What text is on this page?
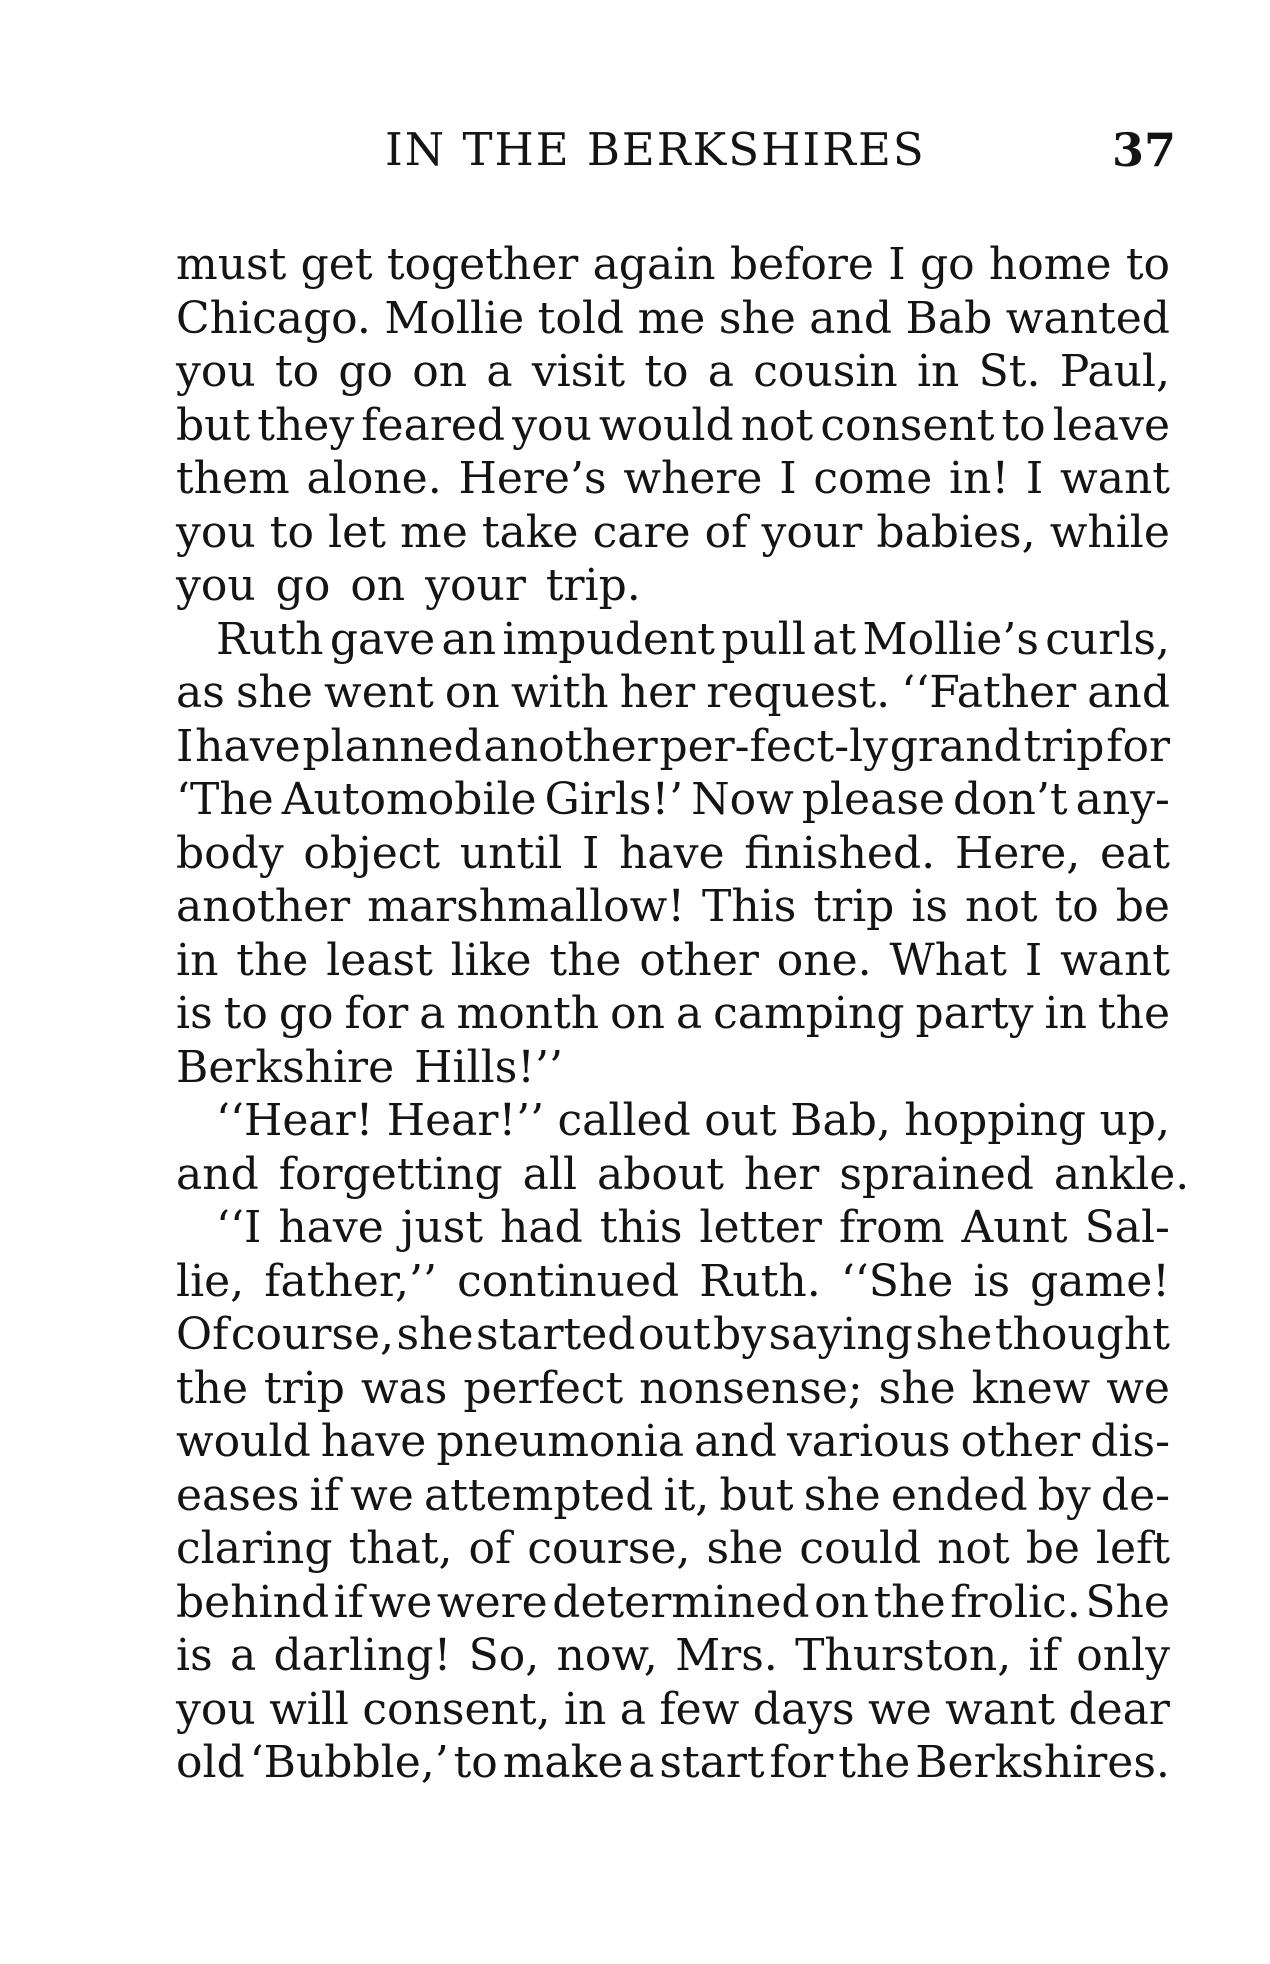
IN THE BERKSHIRES	37
must get together again before I go home to
Chicago. Mollie told me she and Bab wanted
you to go on a visit to a cousin in St. Paul,
but they feared you would not consent to leave
them alone. Here’s where I come in! I want
you to let me take care of your babies, while
you go on your trip.
Ruth gave an impudent pull at Mollie’s curls,
as she went on with her request. ‘‘Father and
I have planned another per-fect-ly grand trip for
‘The Automobile Girls!’ Now please don’t any-
body object until I have finished. Here, eat
another marshmallow! This trip is not to be
in the least like the other one. What I want
is to go for a month on a camping party in the
Berkshire Hills!’’
‘‘Hear! Hear!’’ called out Bab, hopping up,
and forgetting all about her sprained ankle.
‘‘I have just had this letter from Aunt Sal-
lie, father,’’ continued Ruth. ‘‘She is game!
Of course, she started out by saying she thought
the trip was perfect nonsense; she knew we
would have pneumonia and various other dis-
eases if we attempted it, but she ended by de-
claring that, of course, she could not be left
behind if we were determined on the frolic. She
is a darling! So, now, Mrs. Thurston, if only
you will consent, in a few days we want dear
old ‘Bubble,’ to make a start for the Berkshires.
